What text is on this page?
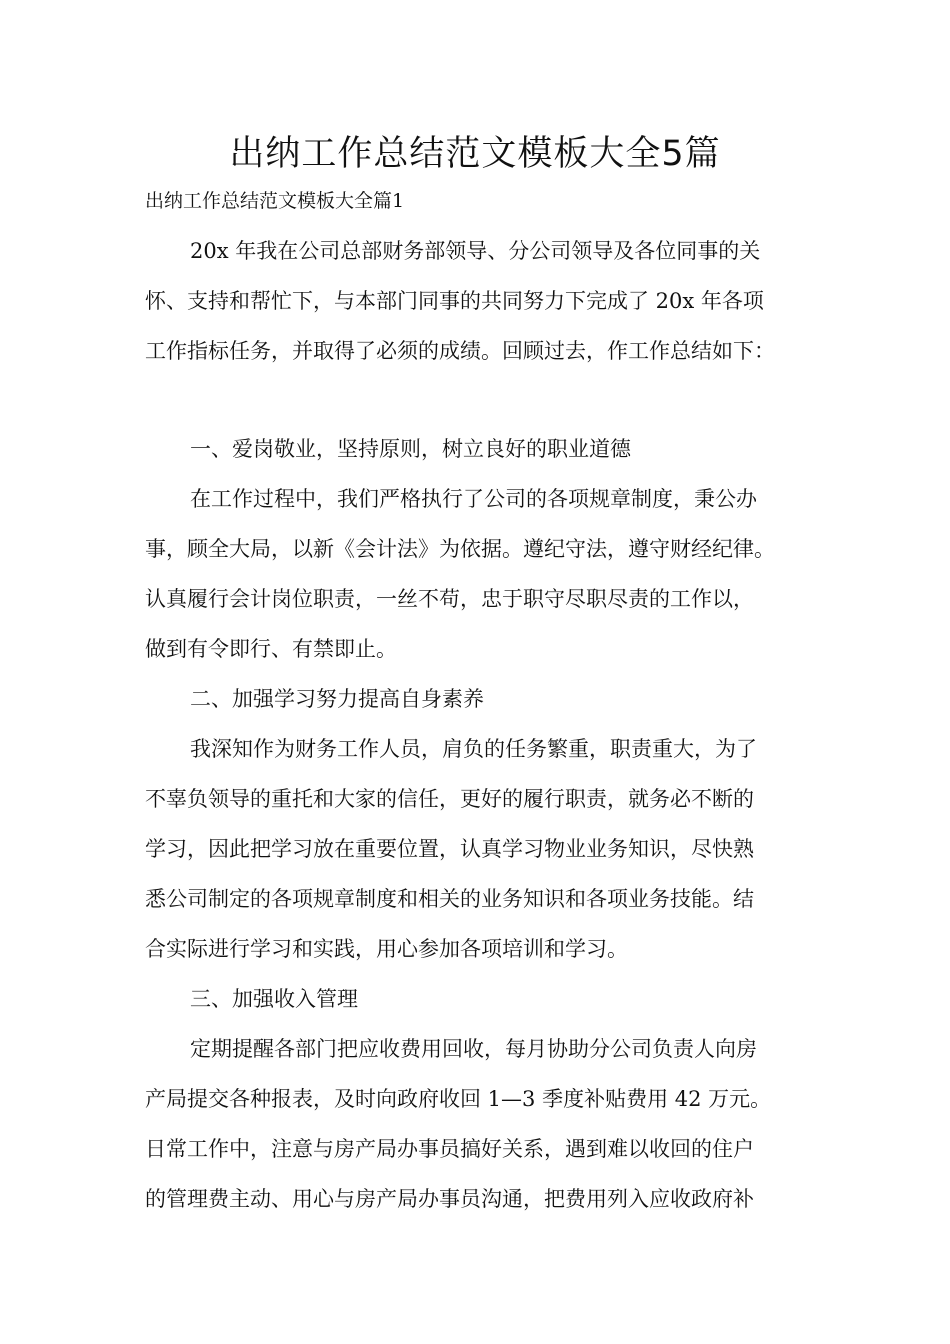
出纳工作总结范文模板大全5篇

出纳工作总结范文模板大全篇1

20x 年我在公司总部财务部领导、分公司领导及各位同事的关

怀、支持和帮忙下，与本部门同事的共同努力下完成了 20x 年各项

工作指标任务，并取得了必须的成绩。回顾过去，作工作总结如下：

一、爱岗敬业，坚持原则，树立良好的职业道德

在工作过程中，我们严格执行了公司的各项规章制度，秉公办

事，顾全大局，以新《会计法》为依据。遵纪守法，遵守财经纪律。

认真履行会计岗位职责，一丝不苟，忠于职守尽职尽责的工作以，

做到有令即行、有禁即止。

二、加强学习努力提高自身素养

我深知作为财务工作人员，肩负的任务繁重，职责重大，为了

不辜负领导的重托和大家的信任，更好的履行职责，就务必不断的

学习，因此把学习放在重要位置，认真学习物业业务知识，尽快熟

悉公司制定的各项规章制度和相关的业务知识和各项业务技能。结

合实际进行学习和实践，用心参加各项培训和学习。

三、加强收入管理

定期提醒各部门把应收费用回收，每月协助分公司负责人向房

产局提交各种报表，及时向政府收回 1—3 季度补贴费用 42 万元。

日常工作中，注意与房产局办事员搞好关系，遇到难以收回的住户

的管理费主动、用心与房产局办事员沟通，把费用列入应收政府补
